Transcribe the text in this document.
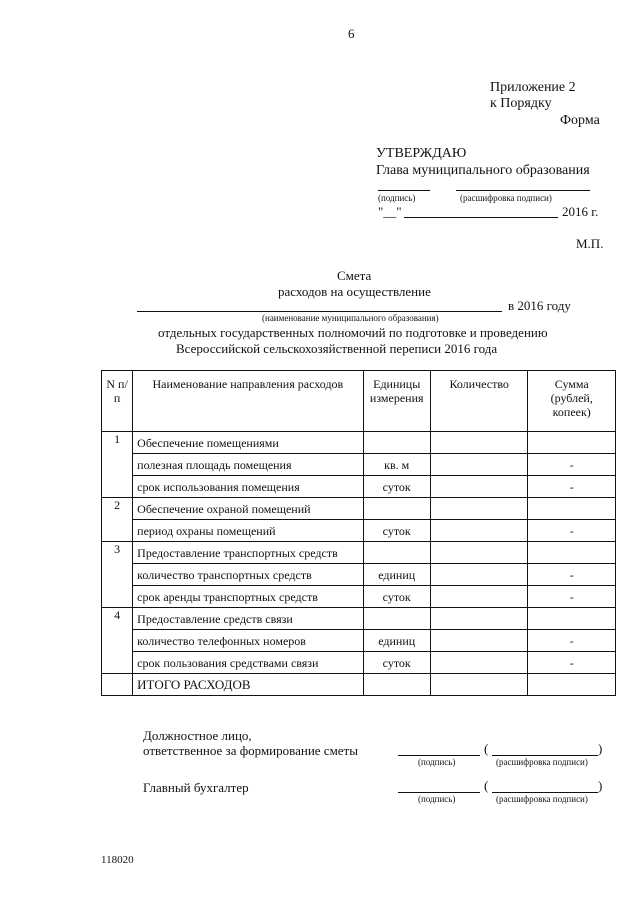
6
Приложение 2
к Порядку
Форма
УТВЕРЖДАЮ
Глава муниципального образования
(подпись)	(расшифровка подписи)
"__"	2016 г.
М.П.
Смета
расходов на осуществление
в 2016 году
(наименование муниципального образования)
отдельных государственных полномочий по подготовке и проведению
Всероссийской сельскохозяйственной переписи 2016 года
N п/п	Наименование направления расходов	Единицы измерения	Количество	Сумма (рублей, копеек)
1	Обеспечение помещениями			
	полезная площадь помещения	кв. м		-
	срок использования помещения	суток		-
2	Обеспечение охраной помещений			
	период охраны помещений	суток		-
3	Предоставление транспортных средств			
	количество транспортных средств	единиц		-
	срок аренды транспортных средств	суток		-
4	Предоставление средств связи			
	количество телефонных номеров	единиц		-
	срок пользования средствами связи	суток		-
	ИТОГО РАСХОДОВ			
Должностное лицо,
ответственное за формирование сметы	(	)
(подпись)	(расшифровка подписи)
Главный бухгалтер	(	)
(подпись)	(расшифровка подписи)
118020
